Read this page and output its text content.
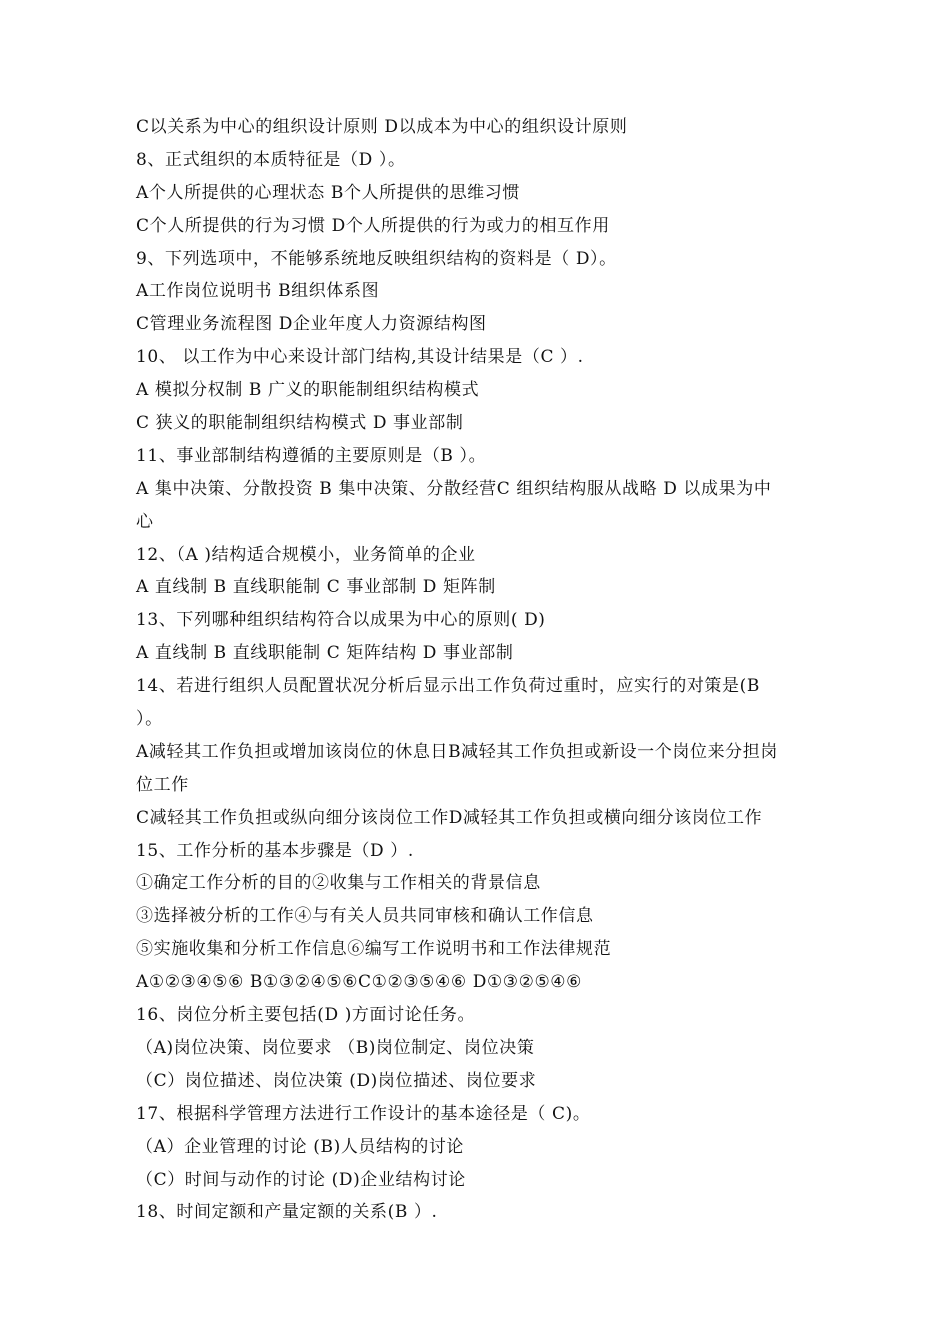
C以关系为中心的组织设计原则 D以成本为中心的组织设计原则
8、正式组织的本质特征是（D ）。
A个人所提供的心理状态 B个人所提供的思维习惯
C个人所提供的行为习惯 D个人所提供的行为或力的相互作用
9、下列选项中，不能够系统地反映组织结构的资料是（ D）。
A工作岗位说明书 B组织体系图
C管理业务流程图 D企业年度人力资源结构图
10、 以工作为中心来设计部门结构,其设计结果是（C ）.
A 模拟分权制 B 广义的职能制组织结构模式
C 狭义的职能制组织结构模式 D 事业部制
11、事业部制结构遵循的主要原则是（B ）。
A 集中决策、分散投资 B 集中决策、分散经营C 组织结构服从战略 D 以成果为中
心
12、（A )结构适合规模小，业务简单的企业
A 直线制 B 直线职能制 C 事业部制 D 矩阵制
13、下列哪种组织结构符合以成果为中心的原则( D)
A 直线制 B 直线职能制 C 矩阵结构 D 事业部制
14、若进行组织人员配置状况分析后显示出工作负荷过重时，应实行的对策是(B
）。
A减轻其工作负担或增加该岗位的休息日B减轻其工作负担或新设一个岗位来分担岗
位工作
C减轻其工作负担或纵向细分该岗位工作D减轻其工作负担或横向细分该岗位工作
15、工作分析的基本步骤是（D ）.
①确定工作分析的目的②收集与工作相关的背景信息
③选择被分析的工作④与有关人员共同审核和确认工作信息
⑤实施收集和分析工作信息⑥编写工作说明书和工作法律规范
A①②③④⑤⑥ B①③②④⑤⑥C①②③⑤④⑥ D①③②⑤④⑥
16、岗位分析主要包括(D )方面讨论任务。
（A)岗位决策、岗位要求 （B)岗位制定、岗位决策
（C）岗位描述、岗位决策 (D)岗位描述、岗位要求
17、根据科学管理方法进行工作设计的基本途径是（ C)。
（A）企业管理的讨论 (B)人员结构的讨论
（C）时间与动作的讨论 (D)企业结构讨论
18、时间定额和产量定额的关系(B ）.
